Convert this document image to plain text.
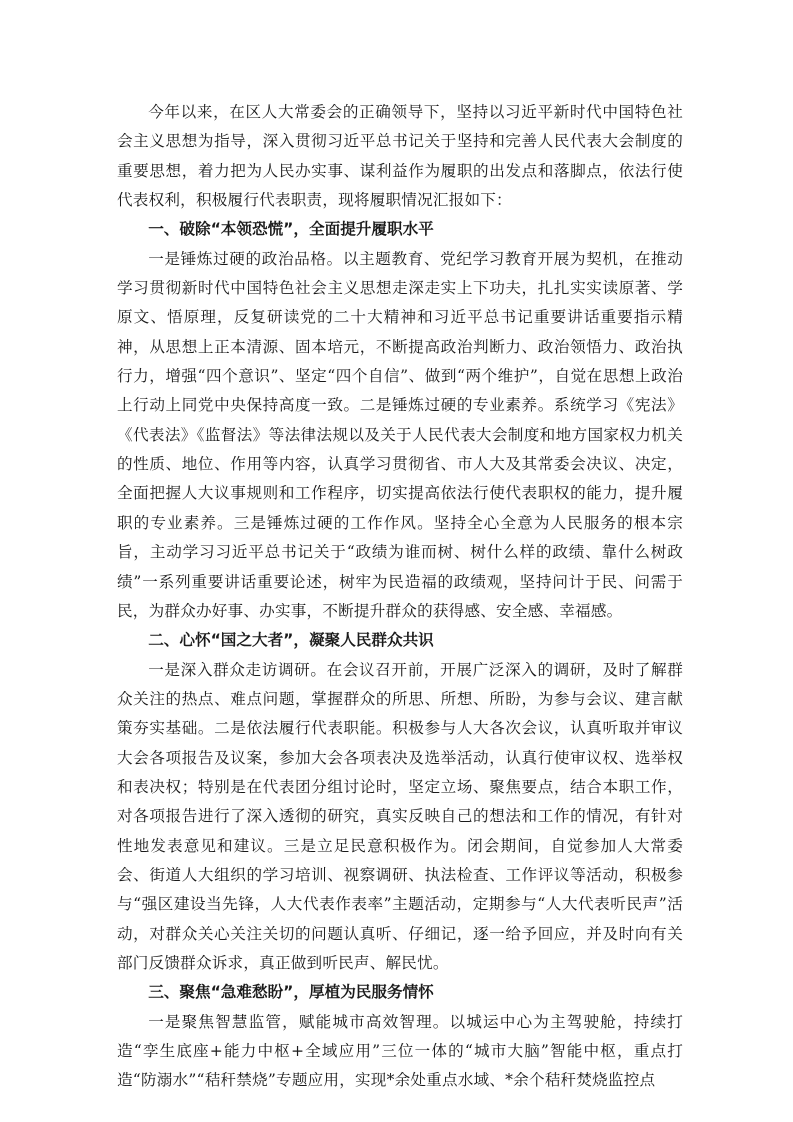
今年以来，在区人大常委会的正确领导下，坚持以习近平新时代中国特色社会主义思想为指导，深入贯彻习近平总书记关于坚持和完善人民代表大会制度的重要思想，着力把为人民办实事、谋利益作为履职的出发点和落脚点，依法行使代表权利，积极履行代表职责，现将履职情况汇报如下：

一、破除“本领恐慌”，全面提升履职水平

一是锤炼过硬的政治品格。以主题教育、党纪学习教育开展为契机，在推动学习贯彻新时代中国特色社会主义思想走深走实上下功夫，扎扎实实读原著、学原文、悟原理，反复研读党的二十大精神和习近平总书记重要讲话重要指示精神，从思想上正本清源、固本培元，不断提高政治判断力、政治领悟力、政治执行力，增强“四个意识”、坚定“四个自信”、做到“两个维护”，自觉在思想上政治上行动上同党中央保持高度一致。二是锤炼过硬的专业素养。系统学习《宪法》《代表法》《监督法》等法律法规以及关于人民代表大会制度和地方国家权力机关的性质、地位、作用等内容，认真学习贯彻省、市人大及其常委会决议、决定，全面把握人大议事规则和工作程序，切实提高依法行使代表职权的能力，提升履职的专业素养。三是锤炼过硬的工作作风。坚持全心全意为人民服务的根本宗旨，主动学习习近平总书记关于“政绩为谁而树、树什么样的政绩、靠什么树政绩”一系列重要讲话重要论述，树牢为民造福的政绩观，坚持问计于民、问需于民，为群众办好事、办实事，不断提升群众的获得感、安全感、幸福感。

二、心怀“国之大者”，凝聚人民群众共识

一是深入群众走访调研。在会议召开前，开展广泛深入的调研，及时了解群众关注的热点、难点问题，掌握群众的所思、所想、所盼，为参与会议、建言献策夯实基础。二是依法履行代表职能。积极参与人大各次会议，认真听取并审议大会各项报告及议案，参加大会各项表决及选举活动，认真行使审议权、选举权和表决权；特别是在代表团分组讨论时，坚定立场、聚焦要点，结合本职工作，对各项报告进行了深入透彻的研究，真实反映自己的想法和工作的情况，有针对性地发表意见和建议。三是立足民意积极作为。闭会期间，自觉参加人大常委会、街道人大组织的学习培训、视察调研、执法检查、工作评议等活动，积极参与“强区建设当先锋，人大代表作表率”主题活动，定期参与“人大代表听民声”活动，对群众关心关注关切的问题认真听、仔细记，逐一给予回应，并及时向有关部门反馈群众诉求，真正做到听民声、解民忧。

三、聚焦“急难愁盼”，厚植为民服务情怀

一是聚焦智慧监管，赋能城市高效智理。以城运中心为主驾驶舱，持续打造“孪生底座+能力中枢+全域应用”三位一体的“城市大脑”智能中枢，重点打造“防溺水”“秸秆禁烧”专题应用，实现*余处重点水域、*余个秸秆焚烧监控点
